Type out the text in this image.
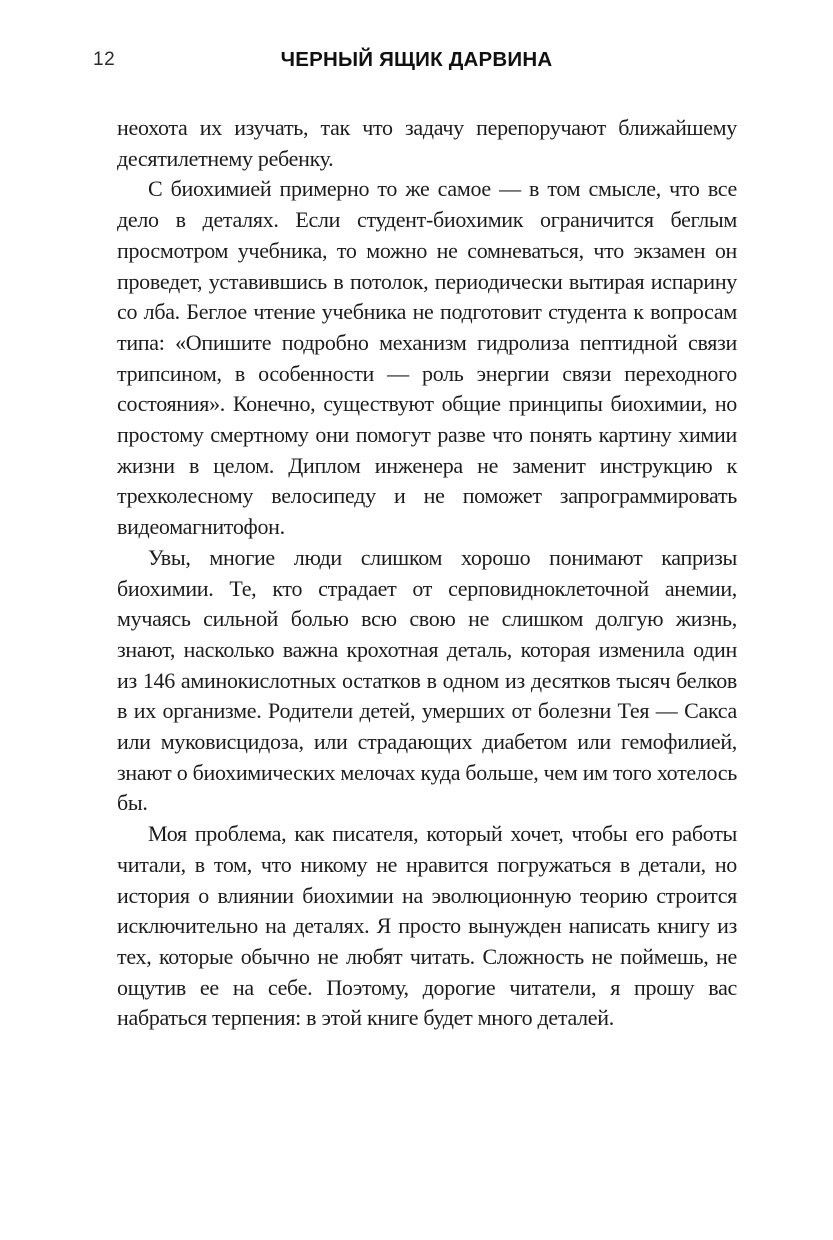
12	ЧЕРНЫЙ ЯЩИК ДАРВИНА

неохота их изучать, так что задачу перепоручают ближайшему десятилетнему ребенку.

С биохимией примерно то же самое — в том смысле, что все дело в деталях. Если студент-биохимик ограничится беглым просмотром учебника, то можно не сомневаться, что экзамен он проведет, уставившись в потолок, периодически вытирая испарину со лба. Беглое чтение учебника не подготовит студента к вопросам типа: «Опишите подробно механизм гидролиза пептидной связи трипсином, в особенности — роль энергии связи переходного состояния». Конечно, существуют общие принципы биохимии, но простому смертному они помогут разве что понять картину химии жизни в целом. Диплом инженера не заменит инструкцию к трехколесному велосипеду и не поможет запрограммировать видеомагнитофон.

Увы, многие люди слишком хорошо понимают капризы биохимии. Те, кто страдает от серповидноклеточной анемии, мучаясь сильной болью всю свою не слишком долгую жизнь, знают, насколько важна крохотная деталь, которая изменила один из 146 аминокислотных остатков в одном из десятков тысяч белков в их организме. Родители детей, умерших от болезни Тея — Сакса или муковисцидоза, или страдающих диабетом или гемофилией, знают о биохимических мелочах куда больше, чем им того хотелось бы.

Моя проблема, как писателя, который хочет, чтобы его работы читали, в том, что никому не нравится погружаться в детали, но история о влиянии биохимии на эволюционную теорию строится исключительно на деталях. Я просто вынужден написать книгу из тех, которые обычно не любят читать. Сложность не поймешь, не ощутив ее на себе. Поэтому, дорогие читатели, я прошу вас набраться терпения: в этой книге будет много деталей.
